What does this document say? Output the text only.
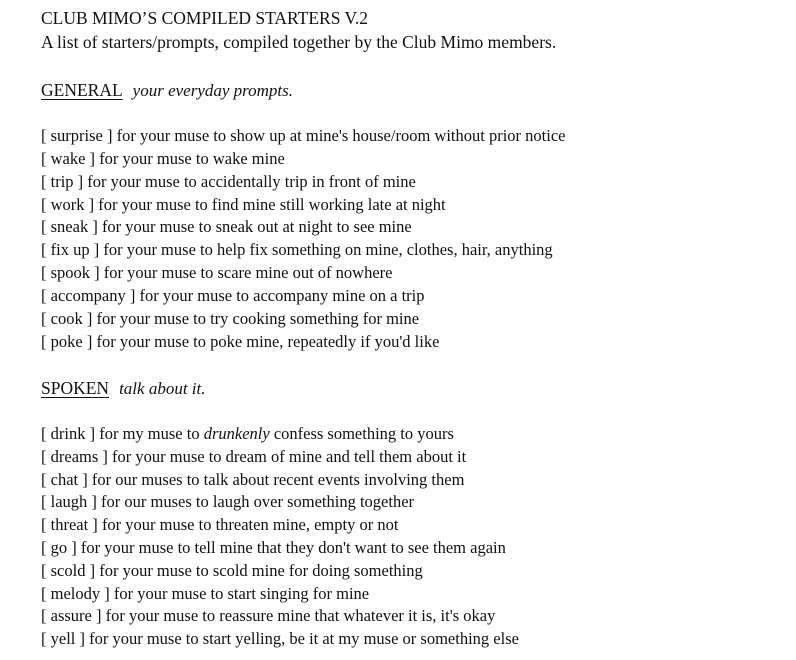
CLUB MIMO’S COMPILED STARTERS V.2
A list of starters/prompts, compiled together by the Club Mimo members.
GENERAL your everyday prompts.
[ surprise ] for your muse to show up at mine's house/room without prior notice
[ wake ] for your muse to wake mine
[ trip ] for your muse to accidentally trip in front of mine
[ work ] for your muse to find mine still working late at night
[ sneak ] for your muse to sneak out at night to see mine
[ fix up ] for your muse to help fix something on mine, clothes, hair, anything
[ spook ] for your muse to scare mine out of nowhere
[ accompany ] for your muse to accompany mine on a trip
[ cook ] for your muse to try cooking something for mine
[ poke ] for your muse to poke mine, repeatedly if you'd like
SPOKEN talk about it.
[ drink ] for my muse to drunkenly confess something to yours
[ dreams ] for your muse to dream of mine and tell them about it
[ chat ] for our muses to talk about recent events involving them
[ laugh ] for our muses to laugh over something together
[ threat ] for your muse to threaten mine, empty or not
[ go ] for your muse to tell mine that they don't want to see them again
[ scold ] for your muse to scold mine for doing something
[ melody ] for your muse to start singing for mine
[ assure ] for your muse to reassure mine that whatever it is, it's okay
[ yell ] for your muse to start yelling, be it at my muse or something else
